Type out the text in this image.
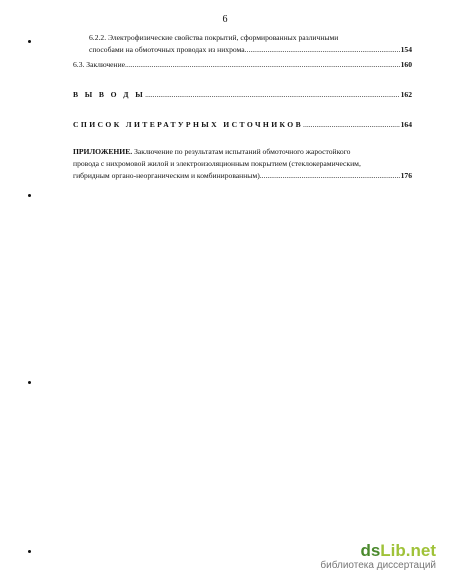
6
6.2.2. Электрофизические свойства покрытий, сформированных различными
способами на обмоточных проводах из нихрома .....	154
6.3. Заключение .....	160
В Ы В О Д Ы .....	162
СПИСОК ЛИТЕРАТУРНЫХ ИСТОЧНИКОВ .....	164
ПРИЛОЖЕНИЕ. Заключение по результатам испытаний обмоточного жаростойкого
провода с нихромовой жилой и электроизоляционным покрытием (стеклокерамическим,
гибридным органо-неорганическим и комбинированным) .....	176
dsLib.net
библиотека диссертаций
